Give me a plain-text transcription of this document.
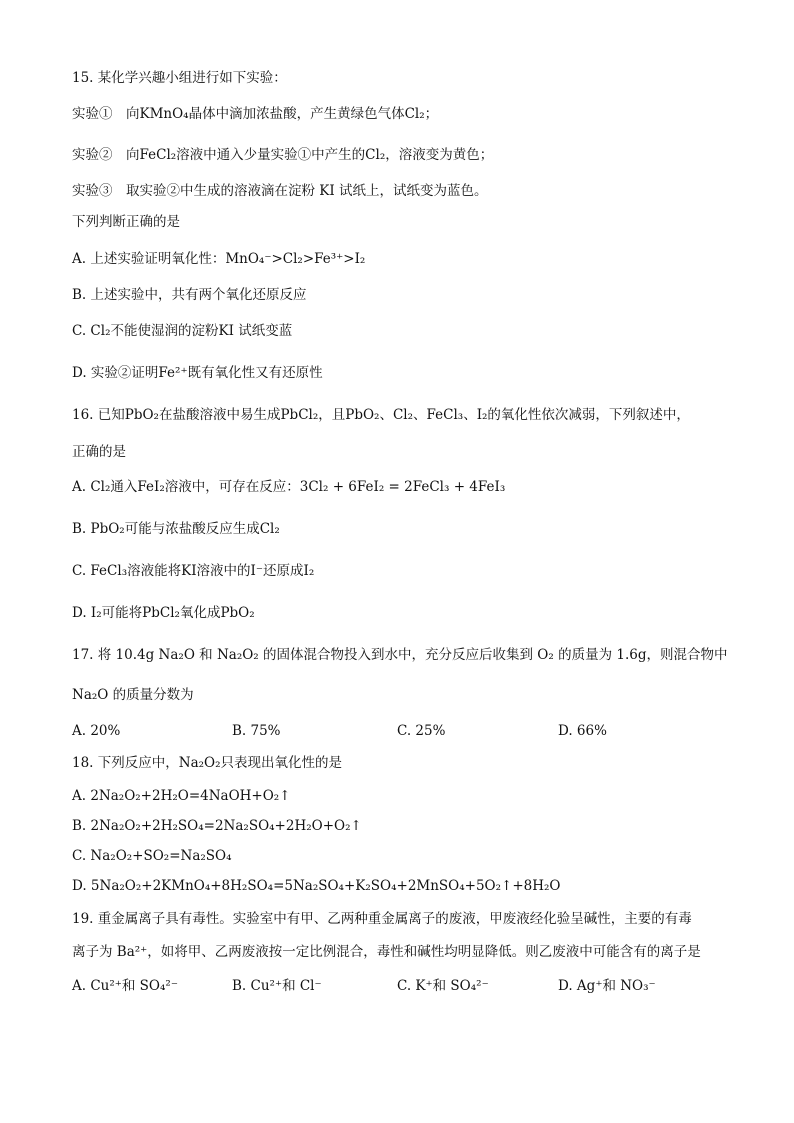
15. 某化学兴趣小组进行如下实验：
实验①　向KMnO₄晶体中滴加浓盐酸，产生黄绿色气体Cl₂；
实验②　向FeCl₂溶液中通入少量实验①中产生的Cl₂，溶液变为黄色；
实验③　取实验②中生成的溶液滴在淀粉 KI 试纸上，试纸变为蓝色。
下列判断正确的是
A. 上述实验证明氧化性：MnO₄⁻>Cl₂>Fe³⁺>I₂
B. 上述实验中，共有两个氧化还原反应
C. Cl₂不能使湿润的淀粉KI 试纸变蓝
D. 实验②证明Fe²⁺既有氧化性又有还原性
16. 已知PbO₂在盐酸溶液中易生成PbCl₂，且PbO₂、Cl₂、FeCl₃、I₂的氧化性依次减弱，下列叙述中，
正确的是
A. Cl₂通入FeI₂溶液中，可存在反应：3Cl₂ + 6FeI₂ = 2FeCl₃ + 4FeI₃
B. PbO₂可能与浓盐酸反应生成Cl₂
C. FeCl₃溶液能将KI溶液中的I⁻还原成I₂
D. I₂可能将PbCl₂氧化成PbO₂
17. 将 10.4g Na₂O 和 Na₂O₂ 的固体混合物投入到水中，充分反应后收集到 O₂ 的质量为 1.6g，则混合物中
Na₂O 的质量分数为
A. 20%	B. 75%	C. 25%	D. 66%
18. 下列反应中，Na₂O₂只表现出氧化性的是
A. 2Na₂O₂+2H₂O=4NaOH+O₂↑
B. 2Na₂O₂+2H₂SO₄=2Na₂SO₄+2H₂O+O₂↑
C. Na₂O₂+SO₂=Na₂SO₄
D. 5Na₂O₂+2KMnO₄+8H₂SO₄=5Na₂SO₄+K₂SO₄+2MnSO₄+5O₂↑+8H₂O
19. 重金属离子具有毒性。实验室中有甲、乙两种重金属离子的废液，甲废液经化验呈碱性，主要的有毒
离子为 Ba²⁺，如将甲、乙两废液按一定比例混合，毒性和碱性均明显降低。则乙废液中可能含有的离子是
A. Cu²⁺和 SO₄²⁻	B. Cu²⁺和 Cl⁻	C. K⁺和 SO₄²⁻	D. Ag⁺和 NO₃⁻
